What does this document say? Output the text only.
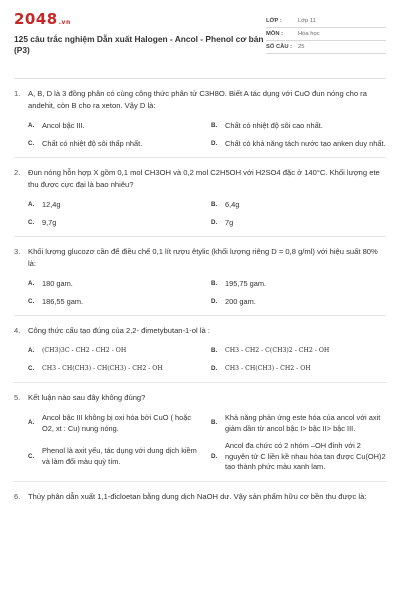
2048.vn
125 câu trắc nghiệm Dẫn xuất Halogen - Ancol - Phenol cơ bản (P3)
LỚP :	Lớp 11
MÔN :	Hóa học
SỐ CÂU :	25
1.	A, B, D là 3 đồng phân có cùng công thức phân tử C3H8O. Biết A tác dụng với CuO đun nóng cho ra andehit, còn B cho ra xeton. Vậy D là:
A.	Ancol bậc III.	B.	Chất có nhiệt độ sôi cao nhất.
C.	Chất có nhiệt độ sôi thấp nhất.	D.	Chất có khả năng tách nước tạo anken duy nhất.
2.	Đun nóng hỗn hợp X gồm 0,1 mol CH3OH và 0,2 mol C2H5OH với H2SO4 đặc ở 140°C. Khối lượng ete thu được cực đại là bao nhiêu?
A.	12,4g	B.	6,4g
C.	9,7g	D.	7g
3.	Khối lượng glucozơ cần để điều chế 0,1 lít rượu êtylic (khối lượng riêng D = 0,8 g/ml) với hiệu suất 80% là:
A.	180 gam.	B.	195,75 gam.
C.	186,55 gam.	D.	200 gam.
4.	Công thức cấu tạo đúng của 2,2- đimetybutan-1-ol là :
A.	(CH3)3C - CH2 - CH2 - OH	B.	CH3 - CH2 - C(CH3)2 - CH2 - OH
C.	CH3 - CH(CH3) - CH(CH3) - CH2 - OH	D.	CH3 - CH(CH3) - CH2 - OH
5.	Kết luận nào sau đây không đúng?
A.
Ancol bậc III không bị oxi hóa bởi CuO ( hoặc O2, xt : Cu) nung nóng.
B.
Khả năng phản ứng este hóa của ancol với axit giảm dần từ ancol bậc I> bậc II> bậc III.
C.
Phenol là axit yếu, tác dụng với dung dịch kiềm và làm đổi màu quỳ tím.
D.
Ancol đa chức có 2 nhóm –OH đính với 2 nguyên tử C liền kề nhau hòa tan được Cu(OH)2 tạo thành phức màu xanh lam.
6.	Thủy phân dẫn xuất 1,1-đicloetan bằng dung dịch NaOH dư. Vậy sản phẩm hữu cơ bền thu được là:
